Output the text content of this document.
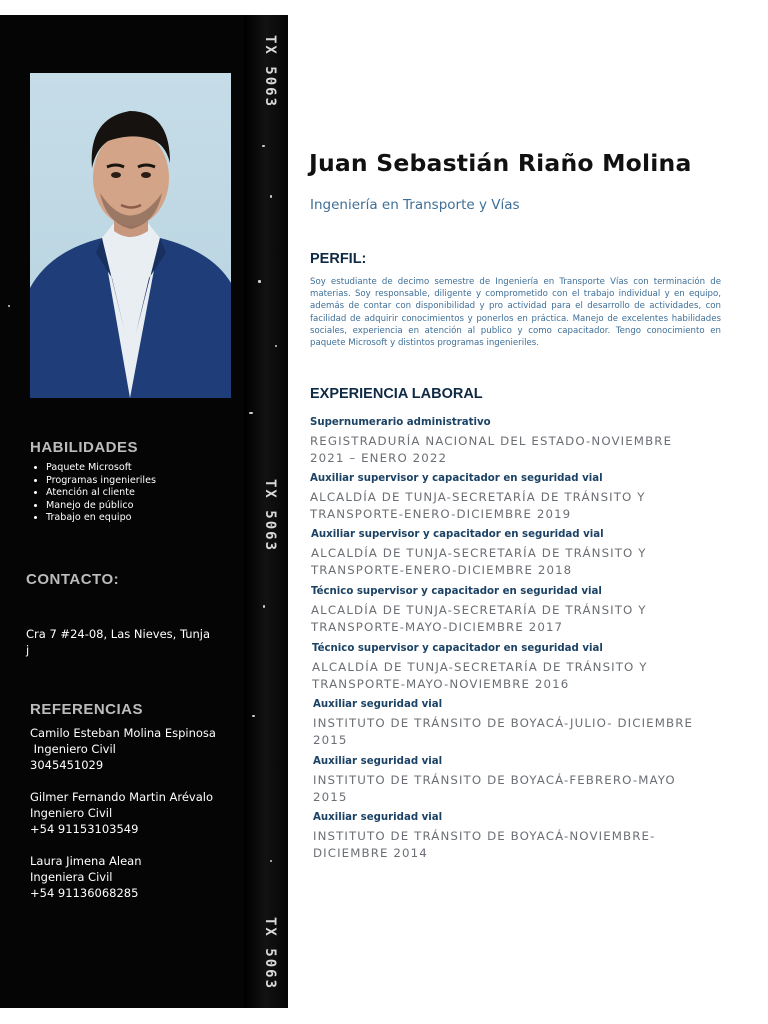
TX 5063
TX 5063
TX 5063
HABILIDADES
• Paquete Microsoft
• Programas ingenieriles
• Atención al cliente
• Manejo de público
• Trabajo en equipo
CONTACTO:
Cra 7 #24-08, Las Nieves, Tunja
j
REFERENCIAS
Camilo Esteban Molina Espinosa
Ingeniero Civil
3045451029
Gilmer Fernando Martin Arévalo
Ingeniero Civil
+54 91153103549
Laura Jimena Alean
Ingeniera Civil
+54 91136068285
Juan Sebastián Riaño Molina
Ingeniería en Transporte y Vías
PERFIL:

Soy estudiante de decimo semestre de Ingeniería en Transporte Vías con terminación de materias. Soy responsable, diligente y comprometido con el trabajo individual y en equipo, además de contar con disponibilidad y pro actividad para el desarrollo de actividades, con facilidad de adquirir conocimientos y ponerlos en práctica. Manejo de excelentes habilidades sociales, experiencia en atención al publico y como capacitador. Tengo conocimiento en paquete Microsoft y distintos programas ingenieriles.

EXPERIENCIA LABORAL
Supernumerario administrativo
REGISTRADURÍA NACIONAL DEL ESTADO-NOVIEMBRE 2021 – ENERO 2022
Auxiliar supervisor y capacitador en seguridad vial
ALCALDÍA DE TUNJA-SECRETARÍA DE TRÁNSITO Y TRANSPORTE-ENERO-DICIEMBRE 2019
Auxiliar supervisor y capacitador en seguridad vial
ALCALDÍA DE TUNJA-SECRETARÍA DE TRÁNSITO Y TRANSPORTE-ENERO-DICIEMBRE 2018
Técnico supervisor y capacitador en seguridad vial
ALCALDÍA DE TUNJA-SECRETARÍA DE TRÁNSITO Y TRANSPORTE-MAYO-DICIEMBRE 2017
Técnico supervisor y capacitador en seguridad vial
ALCALDÍA DE TUNJA-SECRETARÍA DE TRÁNSITO Y TRANSPORTE-MAYO-NOVIEMBRE 2016
Auxiliar seguridad vial
INSTITUTO DE TRÁNSITO DE BOYACÁ-JULIO- DICIEMBRE 2015
Auxiliar seguridad vial
INSTITUTO DE TRÁNSITO DE BOYACÁ-FEBRERO-MAYO 2015
Auxiliar seguridad vial
INSTITUTO DE TRÁNSITO DE BOYACÁ-NOVIEMBRE-DICIEMBRE 2014
